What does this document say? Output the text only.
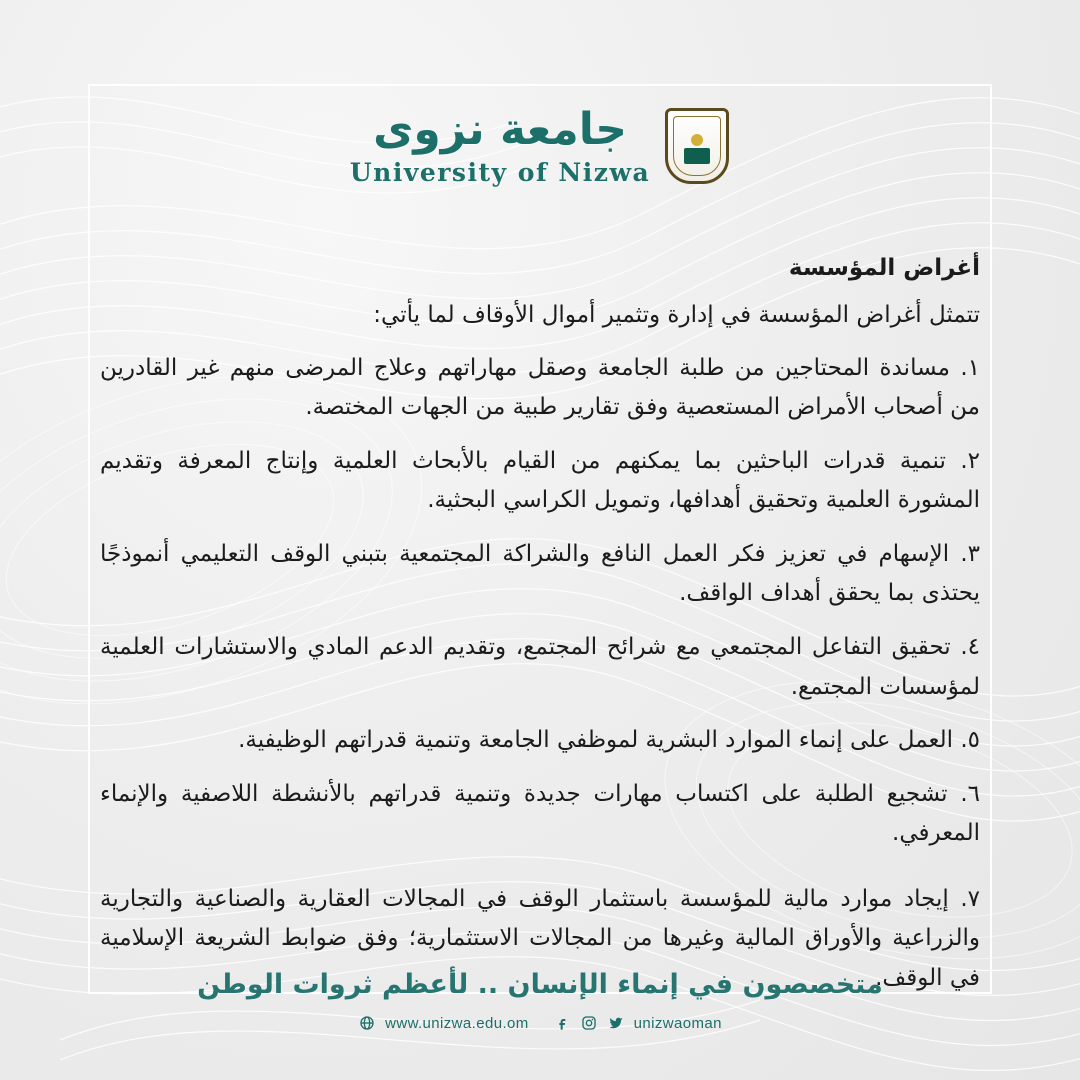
جامعة نزوى
University of Nizwa
أغراض المؤسسة

تتمثل أغراض المؤسسة في إدارة وتثمير أموال الأوقاف لما يأتي:

١. مساندة المحتاجين من طلبة الجامعة وصقل مهاراتهم وعلاج المرضى منهم غير القادرين من أصحاب الأمراض المستعصية وفق تقارير طبية من الجهات المختصة.
٢. تنمية قدرات الباحثين بما يمكنهم من القيام بالأبحاث العلمية وإنتاج المعرفة وتقديم المشورة العلمية وتحقيق أهدافها، وتمويل الكراسي البحثية.
٣. الإسهام في تعزيز فكر العمل النافع والشراكة المجتمعية بتبني الوقف التعليمي أنموذجًا يحتذى بما يحقق أهداف الواقف.
٤. تحقيق التفاعل المجتمعي مع شرائح المجتمع، وتقديم الدعم المادي والاستشارات العلمية لمؤسسات المجتمع.
٥. العمل على إنماء الموارد البشرية لموظفي الجامعة وتنمية قدراتهم الوظيفية.
٦. تشجيع الطلبة على اكتساب مهارات جديدة وتنمية قدراتهم بالأنشطة اللاصفية والإنماء المعرفي.
٧. إيجاد موارد مالية للمؤسسة باستثمار الوقف في المجالات العقارية والصناعية والتجارية والزراعية والأوراق المالية وغيرها من المجالات الاستثمارية؛ وفق ضوابط الشريعة الإسلامية في الوقف.
متخصصون في إنماء الإنسان .. لأعظم ثروات الوطن
www.unizwa.edu.om	unizwaoman
